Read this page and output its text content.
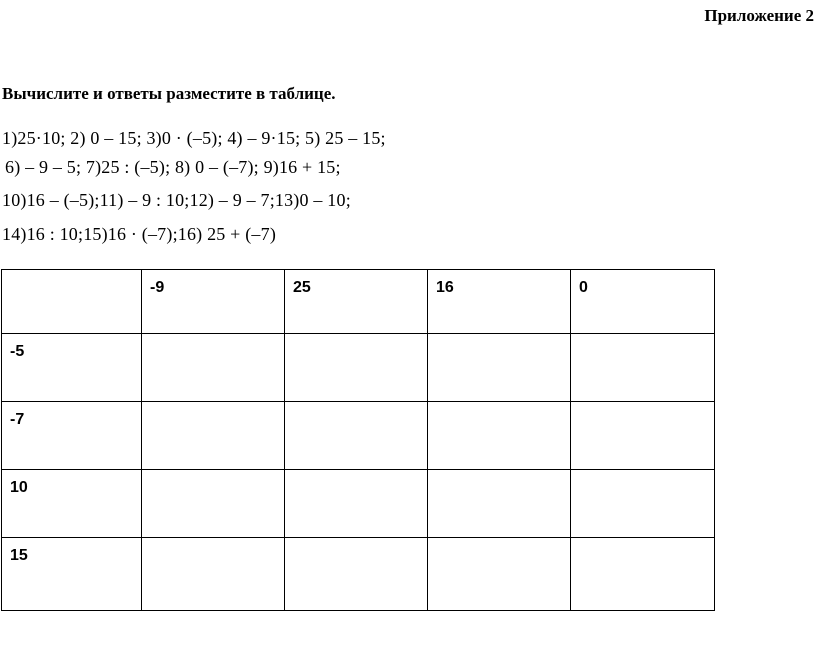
Приложение 2
Вычислите и ответы разместите в таблице.
1)25·10; 2) 0 – 15; 3)0 · (–5); 4) – 9·15; 5) 25 – 15;
6) – 9 – 5; 7)25 : (–5); 8) 0 – (–7); 9)16 + 15;
10)16 – (–5);11) – 9 : 10;12) – 9 – 7;13)0 – 10;
14)16 : 10;15)16 · (–7);16) 25 + (–7)
	-9	25	16	0
-5				
-7				
10				
15				
